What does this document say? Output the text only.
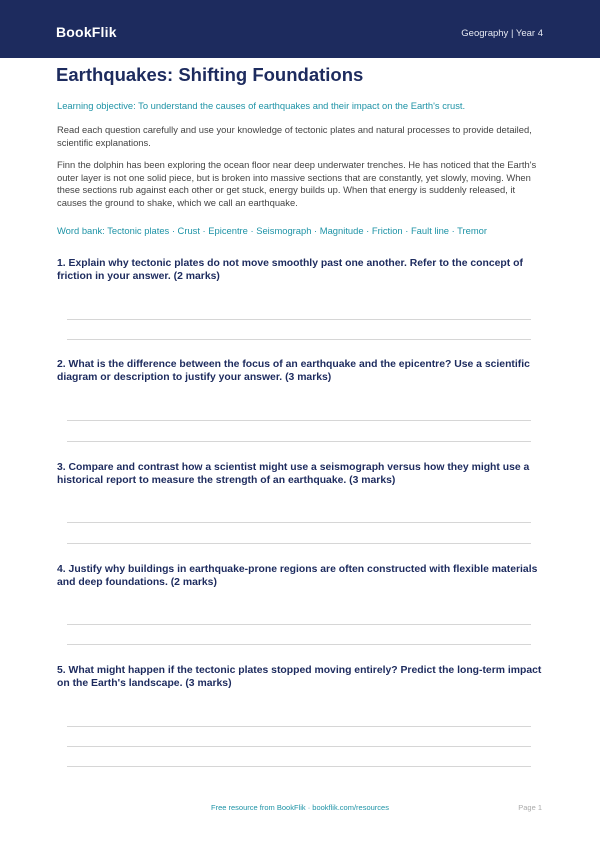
BookFlik	Geography | Year 4
Earthquakes: Shifting Foundations
Learning objective: To understand the causes of earthquakes and their impact on the Earth's crust.
Read each question carefully and use your knowledge of tectonic plates and natural processes to provide detailed, scientific explanations.
Finn the dolphin has been exploring the ocean floor near deep underwater trenches. He has noticed that the Earth's outer layer is not one solid piece, but is broken into massive sections that are constantly, yet slowly, moving. When these sections rub against each other or get stuck, energy builds up. When that energy is suddenly released, it causes the ground to shake, which we call an earthquake.
Word bank: Tectonic plates · Crust · Epicentre · Seismograph · Magnitude · Friction · Fault line · Tremor
1. Explain why tectonic plates do not move smoothly past one another. Refer to the concept of friction in your answer. (2 marks)
2. What is the difference between the focus of an earthquake and the epicentre? Use a scientific diagram or description to justify your answer. (3 marks)
3. Compare and contrast how a scientist might use a seismograph versus how they might use a historical report to measure the strength of an earthquake. (3 marks)
4. Justify why buildings in earthquake-prone regions are often constructed with flexible materials and deep foundations. (2 marks)
5. What might happen if the tectonic plates stopped moving entirely? Predict the long-term impact on the Earth's landscape. (3 marks)
Free resource from BookFlik · bookflik.com/resources	Page 1
